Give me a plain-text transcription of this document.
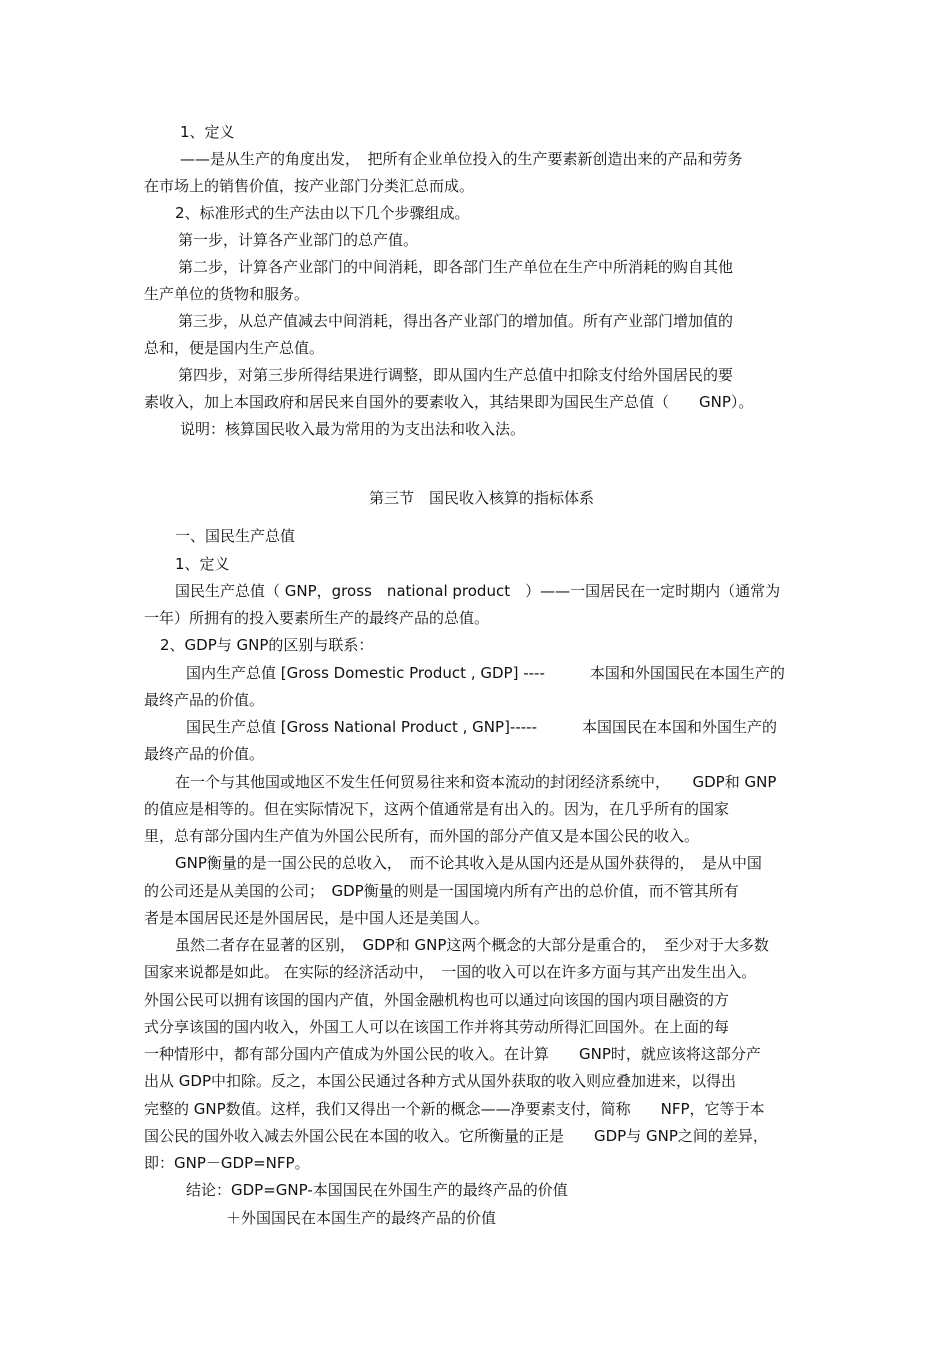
1、定义
——是从生产的角度出发，　把所有企业单位投入的生产要素新创造出来的产品和劳务
在市场上的销售价值，按产业部门分类汇总而成。
2、标准形式的生产法由以下几个步骤组成。
第一步，计算各产业部门的总产值。
第二步，计算各产业部门的中间消耗，即各部门生产单位在生产中所消耗的购自其他
生产单位的货物和服务。
第三步，从总产值减去中间消耗，得出各产业部门的增加值。所有产业部门增加值的
总和，便是国内生产总值。
第四步，对第三步所得结果进行调整，即从国内生产总值中扣除支付给外国居民的要
素收入，加上本国政府和居民来自国外的要素收入，其结果即为国民生产总值（　　GNP）。
说明：核算国民收入最为常用的为支出法和收入法。
第三节　国民收入核算的指标体系
一、国民生产总值
1、定义
国民生产总值（ GNP，gross　national product　）——一国居民在一定时期内（通常为
一年）所拥有的投入要素所生产的最终产品的总值。
2、GDP与 GNP的区别与联系：
国内生产总值 [Gross Domestic Product , GDP] ----　　　本国和外国国民在本国生产的
最终产品的价值。
国民生产总值 [Gross National Product , GNP]-----　　　本国国民在本国和外国生产的
最终产品的价值。
在一个与其他国或地区不发生任何贸易往来和资本流动的封闭经济系统中，　　GDP和 GNP
的值应是相等的。但在实际情况下，这两个值通常是有出入的。因为，在几乎所有的国家
里，总有部分国内生产值为外国公民所有，而外国的部分产值又是本国公民的收入。
GNP衡量的是一国公民的总收入，　而不论其收入是从国内还是从国外获得的，　是从中国
的公司还是从美国的公司；　GDP衡量的则是一国国境内所有产出的总价值，而不管其所有
者是本国居民还是外国居民，是中国人还是美国人。
虽然二者存在显著的区别，　GDP和 GNP这两个概念的大部分是重合的，　至少对于大多数
国家来说都是如此。 在实际的经济活动中，　一国的收入可以在许多方面与其产出发生出入。
外国公民可以拥有该国的国内产值，外国金融机构也可以通过向该国的国内项目融资的方
式分享该国的国内收入，外国工人可以在该国工作并将其劳动所得汇回国外。在上面的每
一种情形中，都有部分国内产值成为外国公民的收入。在计算　　GNP时，就应该将这部分产
出从 GDP中扣除。反之，本国公民通过各种方式从国外获取的收入则应叠加进来，以得出
完整的 GNP数值。这样，我们又得出一个新的概念——净要素支付，简称　　NFP，它等于本
国公民的国外收入减去外国公民在本国的收入。它所衡量的正是　　GDP与 GNP之间的差异，
即：GNP－GDP=NFP。
结论：GDP=GNP-本国国民在外国生产的最终产品的价值
＋外国国民在本国生产的最终产品的价值
